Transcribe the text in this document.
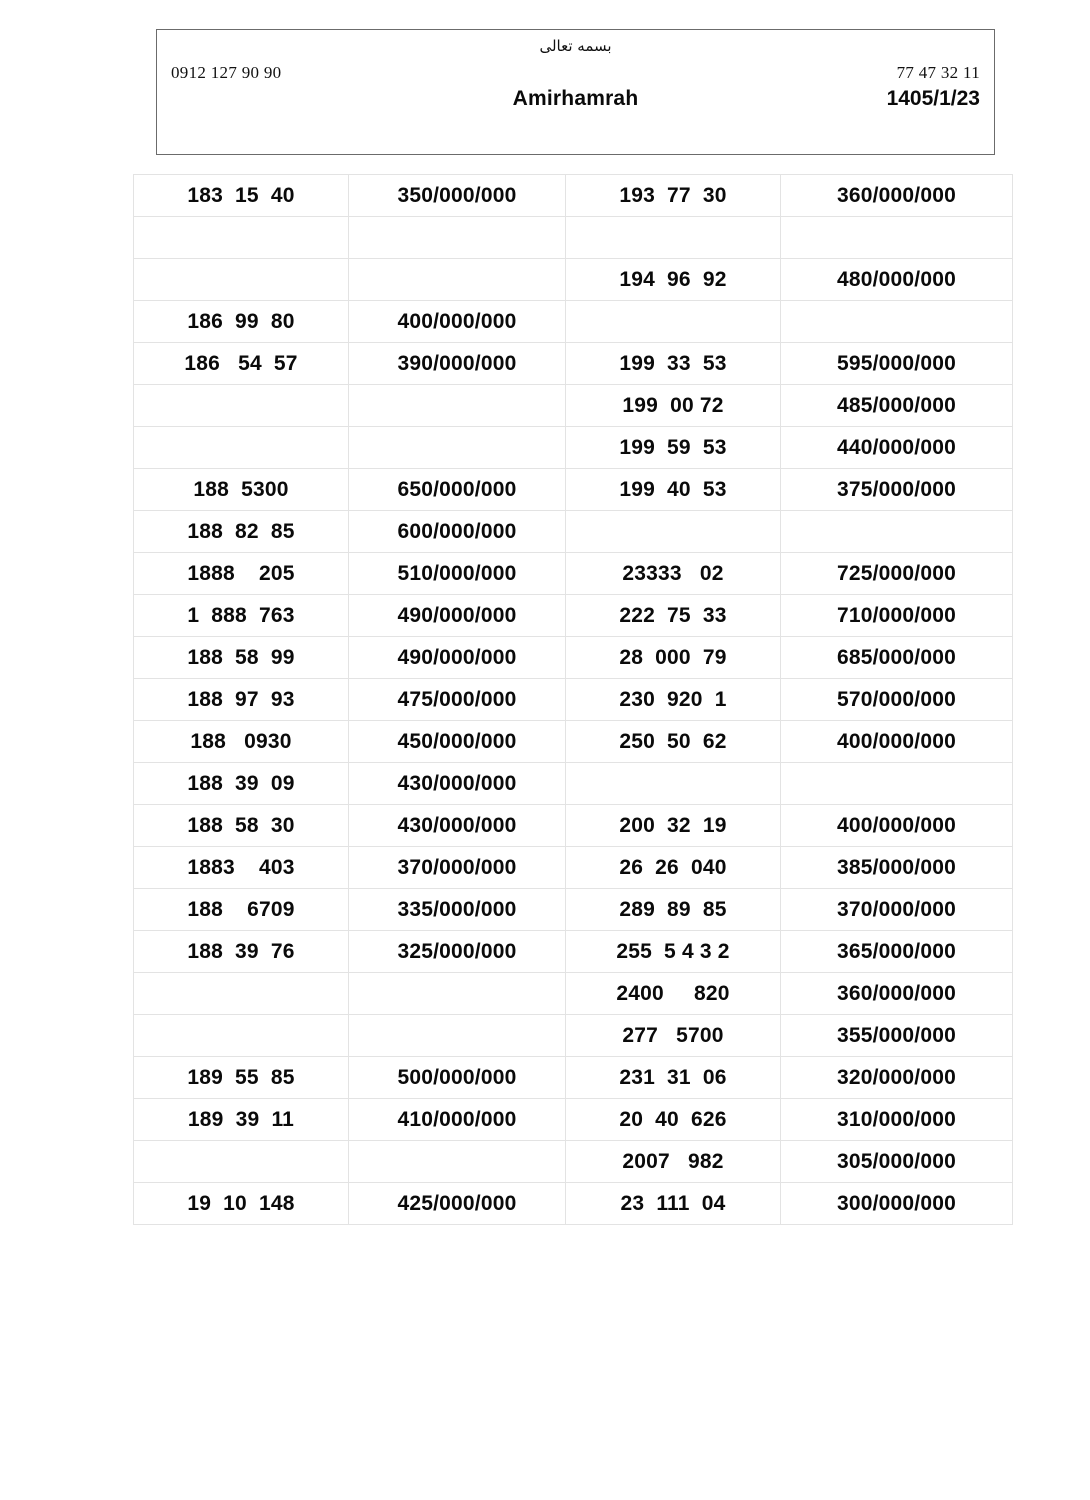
بسمه تعالی
0912 127 90 90	77 47 32 11
Amirhamrah	1405/1/23
183  15  40	350/000/000	193  77  30	360/000/000

		194  96  92	480/000/000
186  99  80	400/000/000		
186   54  57	390/000/000	199  33  53	595/000/000
		199  00 72	485/000/000
		199  59  53	440/000/000
188  5300	650/000/000	199  40  53	375/000/000
188  82  85	600/000/000		
1888    205	510/000/000	23333   02	725/000/000
1  888  763	490/000/000	222  75  33	710/000/000
188  58  99	490/000/000	28  000  79	685/000/000
188  97  93	475/000/000	230  920  1	570/000/000
188   0930	450/000/000	250  50  62	400/000/000
188  39  09	430/000/000		
188  58  30	430/000/000	200  32  19	400/000/000
1883    403	370/000/000	26  26  040	385/000/000
188    6709	335/000/000	289  89  85	370/000/000
188  39  76	325/000/000	255  5 4 3 2	365/000/000
		2400     820	360/000/000
		277   5700	355/000/000
189  55  85	500/000/000	231  31  06	320/000/000
189  39  11	410/000/000	20  40  626	310/000/000
		2007   982	305/000/000
19  10  148	425/000/000	23  111  04	300/000/000
